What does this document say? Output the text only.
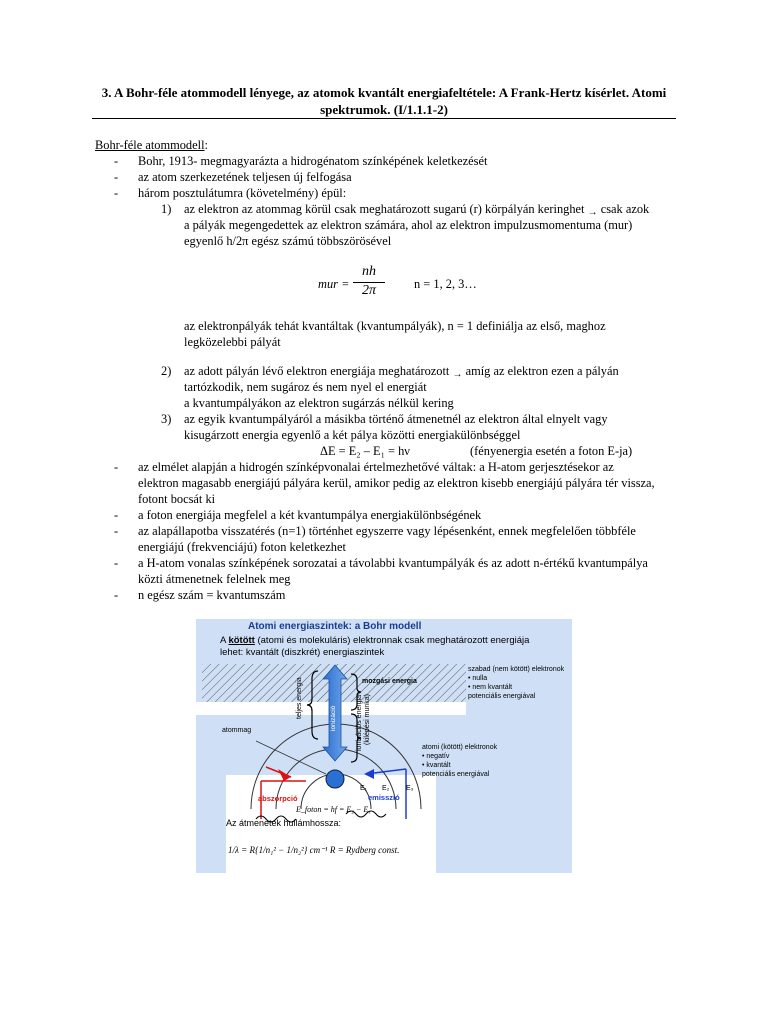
3. A Bohr-féle atommodell lényege, az atomok kvantált energiafeltétele: A Frank-Hertz kísérlet. Atomi
spektrumok. (I/1.1.1-2)
Bohr-féle atommodell:
- Bohr, 1913- megmagyarázta a hidrogénatom színképének keletkezését
- az atom szerkezetének teljesen új felfogása
- három posztulátumra (követelmény) épül:
1) az elektron az atommag körül csak meghatározott sugarú (r) körpályán keringhet → csak azok
a pályák megengedettek az elektron számára, ahol az elektron impulzusmomentuma (mur)
egyenlő h/2π egész számú többszörösével
mur =
nh
2π	n = 1, 2, 3…
az elektronpályák tehát kvantáltak (kvantumpályák), n = 1 definiálja az első, maghoz
legközelebbi pályát
2) az adott pályán lévő elektron energiája meghatározott → amíg az elektron ezen a pályán
tartózkodik, nem sugároz és nem nyel el energiát
a kvantumpályákon az elektron sugárzás nélkül kering
3) az egyik kvantumpályáról a másikba történő átmenetnél az elektron által elnyelt vagy
kisugárzott energia egyenlő a két pálya közötti energiakülönbséggel
ΔE = E₂ – E₁ = hν	(fényenergia esetén a foton E-ja)
- az elmélet alapján a hidrogén színképvonalai értelmezhetővé váltak: a H-atom gerjesztésekor az
elektron magasabb energiájú pályára kerül, amikor pedig az elektron kisebb energiájú pályára tér vissza,
fotont bocsát ki
- a foton energiája megfelel a két kvantumpálya energiakülönbségének
- az alapállapotba visszatérés (n=1) történhet egyszerre vagy lépésenként, ennek megfelelően többféle
energiájú (frekvenciájú) foton keletkezhet
- a H-atom vonalas színképének sorozatai a távolabbi kvantumpályák és az adott n-értékű kvantumpálya
közti átmenetnek felelnek meg
- n egész szám = kvantumszám
Atomi energiaszintek: a Bohr modell
A kötött (atomi és molekuláris) elektronnak csak meghatározott energiája
lehet: kvantált (diszkrét) energiaszintek
szabad (nem kötött) elektronok
• nulla
• nem kvantált
potenciális energiával
mozgási energia
teljes energia	ionizáció	ionizációs energia (kilépési munka)
atommag
atomi (kötött) elektronok
• negatív
• kvantált
potenciális energiával
abszorpció	emisszió
E₁ E₂ E₃
E_foton = hf = E₂ − E₁
Az átmenetek hullámhossza:
1/λ = R{1/n₁² − 1/n₂²} cm⁻¹ R = Rydberg const.
